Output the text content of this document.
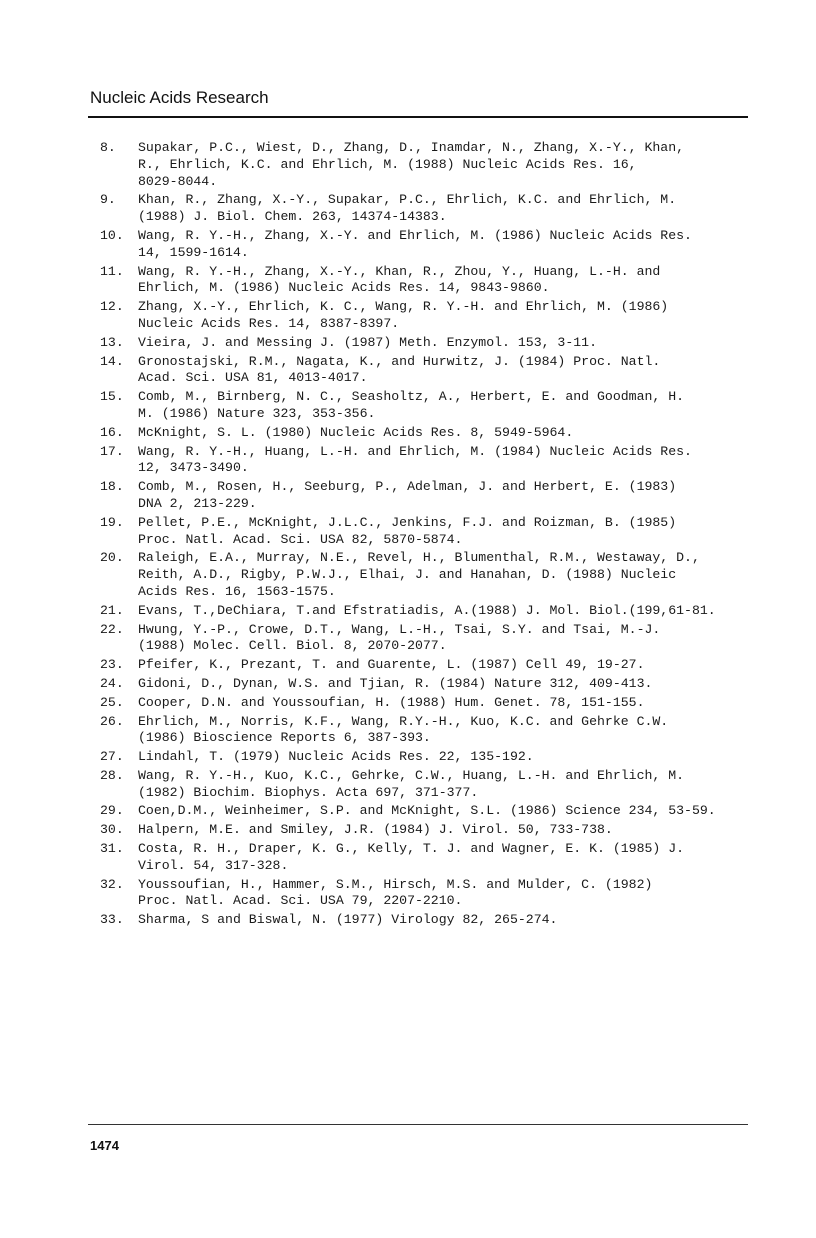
Nucleic Acids Research
8.	Supakar, P.C., Wiest, D., Zhang, D., Inamdar, N., Zhang, X.-Y., Khan,
R., Ehrlich, K.C. and Ehrlich, M. (1988) Nucleic Acids Res. 16,
8029-8044.
9.	Khan, R., Zhang, X.-Y., Supakar, P.C., Ehrlich, K.C. and Ehrlich, M.
(1988) J. Biol. Chem. 263, 14374-14383.
10.	Wang, R. Y.-H., Zhang, X.-Y. and Ehrlich, M. (1986) Nucleic Acids Res.
14, 1599-1614.
11.	Wang, R. Y.-H., Zhang, X.-Y., Khan, R., Zhou, Y., Huang, L.-H. and
Ehrlich, M. (1986) Nucleic Acids Res. 14, 9843-9860.
12.	Zhang, X.-Y., Ehrlich, K. C., Wang, R. Y.-H. and Ehrlich, M. (1986)
Nucleic Acids Res. 14, 8387-8397.
13.	Vieira, J. and Messing J. (1987) Meth. Enzymol. 153, 3-11.
14.	Gronostajski, R.M., Nagata, K., and Hurwitz, J. (1984) Proc. Natl.
Acad. Sci. USA 81, 4013-4017.
15.	Comb, M., Birnberg, N. C., Seasholtz, A., Herbert, E. and Goodman, H.
M. (1986) Nature 323, 353-356.
16.	McKnight, S. L. (1980) Nucleic Acids Res. 8, 5949-5964.
17.	Wang, R. Y.-H., Huang, L.-H. and Ehrlich, M. (1984) Nucleic Acids Res.
12, 3473-3490.
18.	Comb, M., Rosen, H., Seeburg, P., Adelman, J. and Herbert, E. (1983)
DNA 2, 213-229.
19.	Pellet, P.E., McKnight, J.L.C., Jenkins, F.J. and Roizman, B. (1985)
Proc. Natl. Acad. Sci. USA 82, 5870-5874.
20.	Raleigh, E.A., Murray, N.E., Revel, H., Blumenthal, R.M., Westaway, D.,
Reith, A.D., Rigby, P.W.J., Elhai, J. and Hanahan, D. (1988) Nucleic
Acids Res. 16, 1563-1575.
21.	Evans, T.,DeChiara, T.and Efstratiadis, A.(1988) J. Mol. Biol.(199,61-81.
22.	Hwung, Y.-P., Crowe, D.T., Wang, L.-H., Tsai, S.Y. and Tsai, M.-J.
(1988) Molec. Cell. Biol. 8, 2070-2077.
23.	Pfeifer, K., Prezant, T. and Guarente, L. (1987) Cell 49, 19-27.
24.	Gidoni, D., Dynan, W.S. and Tjian, R. (1984) Nature 312, 409-413.
25.	Cooper, D.N. and Youssoufian, H. (1988) Hum. Genet. 78, 151-155.
26.	Ehrlich, M., Norris, K.F., Wang, R.Y.-H., Kuo, K.C. and Gehrke C.W.
(1986) Bioscience Reports 6, 387-393.
27.	Lindahl, T. (1979) Nucleic Acids Res. 22, 135-192.
28.	Wang, R. Y.-H., Kuo, K.C., Gehrke, C.W., Huang, L.-H. and Ehrlich, M.
(1982) Biochim. Biophys. Acta 697, 371-377.
29.	Coen,D.M., Weinheimer, S.P. and McKnight, S.L. (1986) Science 234, 53-59.
30.	Halpern, M.E. and Smiley, J.R. (1984) J. Virol. 50, 733-738.
31.	Costa, R. H., Draper, K. G., Kelly, T. J. and Wagner, E. K. (1985) J.
Virol. 54, 317-328.
32.	Youssoufian, H., Hammer, S.M., Hirsch, M.S. and Mulder, C. (1982)
Proc. Natl. Acad. Sci. USA 79, 2207-2210.
33.	Sharma, S and Biswal, N. (1977) Virology 82, 265-274.
1474
